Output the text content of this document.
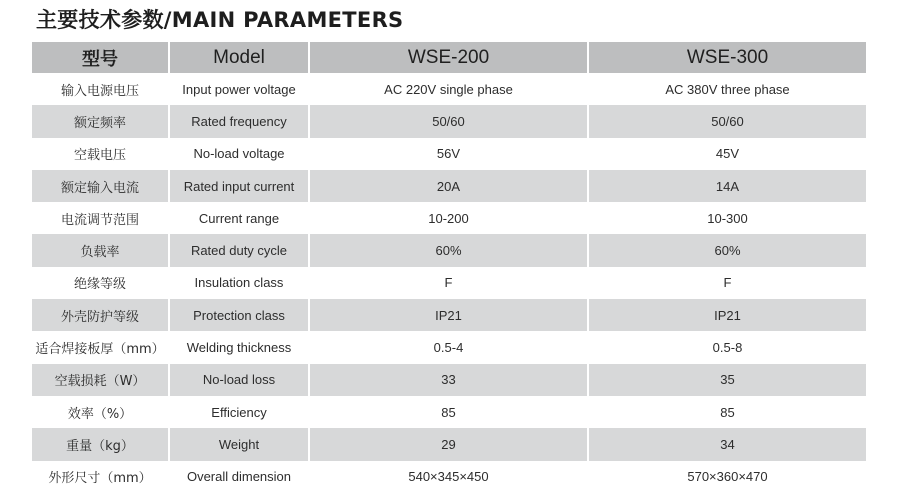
主要技术参数/MAIN PARAMETERS
型号	Model	WSE-200	WSE-300
输入电源电压	Input power voltage	AC 220V single phase	AC 380V three phase
额定频率	Rated frequency	50/60	50/60
空载电压	No-load voltage	56V	45V
额定输入电流	Rated input current	20A	14A
电流调节范围	Current range	10-200	10-300
负载率	Rated duty cycle	60%	60%
绝缘等级	Insulation class	F	F
外壳防护等级	Protection class	IP21	IP21
适合焊接板厚（mm）	Welding thickness	0.5-4	0.5-8
空载损耗（W）	No-load loss	33	35
效率（%）	Efficiency	85	85
重量（kg）	Weight	29	34
外形尺寸（mm）	Overall dimension	540×345×450	570×360×470
